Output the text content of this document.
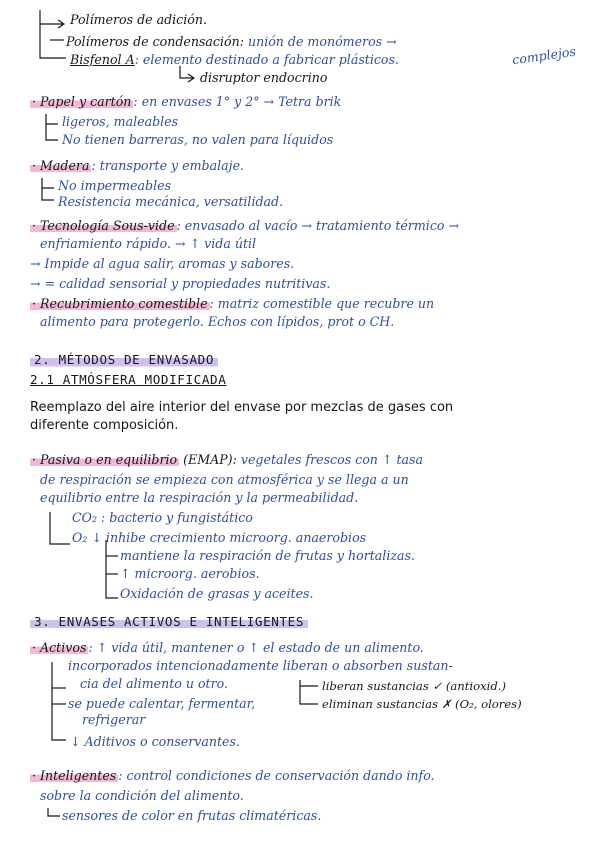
Polímeros de adición.
Polímeros de condensación: unión de monómeros →
complejos
Bisfenol A: elemento destinado a fabricar plásticos.
disruptor endocrino
· Papel y cartón : en envases 1° y 2° → Tetra brik
ligeros, maleables
No tienen barreras, no valen para líquidos
· Madera : transporte y embalaje.
No impermeables
Resistencia mecánica, versatilidad.
· Tecnología Sous-vide : envasado al vacío → tratamiento térmico →
enfriamiento rápido. → ↑ vida útil
→ Impide al agua salir, aromas y sabores.
→ = calidad sensorial y propiedades nutritivas.
· Recubrimiento comestible : matriz comestible que recubre un
alimento para protegerlo. Echos con lípidos, prot o CH.
2. MÉTODOS DE ENVASADO
2.1 ATMÓSFERA MODIFICADA
Reemplazo del aire interior del envase por mezclas de gases con
diferente composición.
· Pasiva o en equilibrio (EMAP): vegetales frescos con ↑ tasa
de respiración se empieza con atmosférica y se llega a un
equilibrio entre la respiración y la permeabilidad.
CO₂ : bacterio y fungistático
O₂ ↓ inhibe crecimiento microorg. anaerobios
mantiene la respiración de frutas y hortalizas.
↑ microorg. aerobios.
Oxidación de grasas y aceites.
3. ENVASES ACTIVOS E INTELIGENTES
· Activos : ↑ vida útil, mantener o ↑ el estado de un alimento.
incorporados intencionadamente liberan o absorben sustan-
cia del alimento u otro.	liberan sustancias ✓ (antioxid.)
se puede calentar, fermentar,	eliminan sustancias ✗ (O₂, olores)
refrigerar
↓ Aditivos o conservantes.
· Inteligentes : control condiciones de conservación dando info.
sobre la condición del alimento.
sensores de color en frutas climatéricas.
